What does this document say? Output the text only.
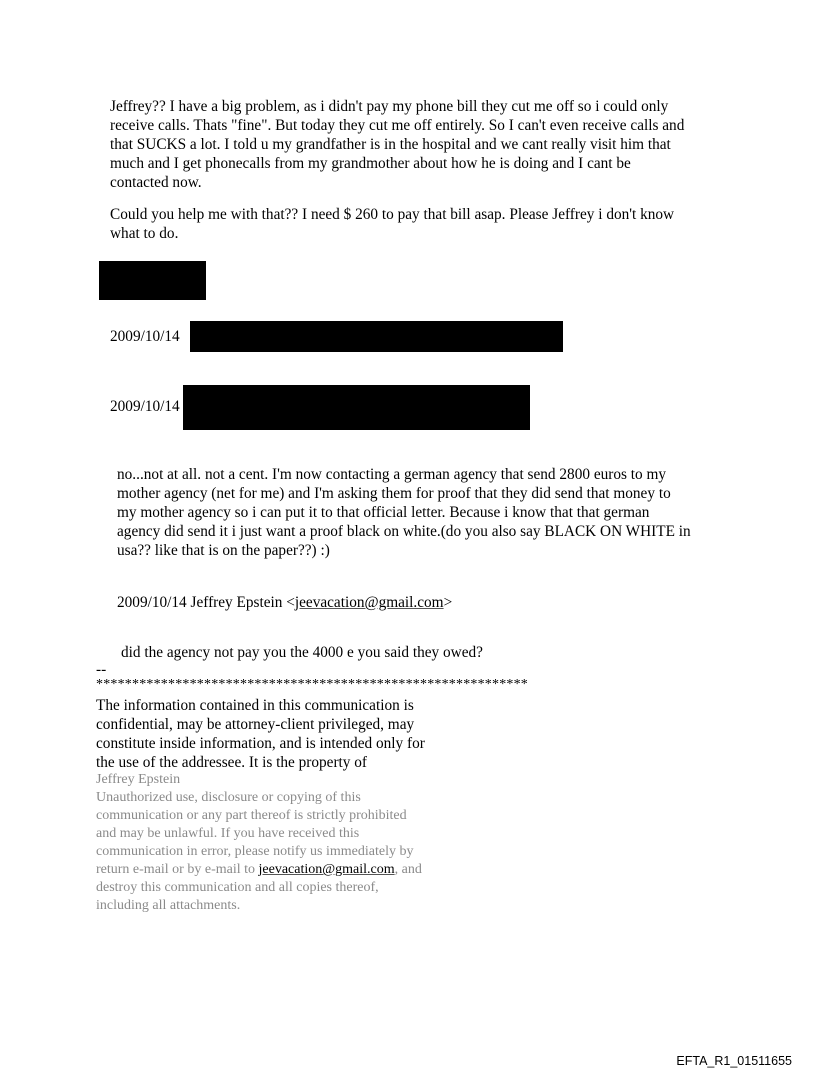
Jeffrey?? I have a big problem, as i didn't pay my phone bill they cut me off so i could only
receive calls. Thats "fine". But today they cut me off entirely. So I can't even receive calls and
that SUCKS a lot. I told u my grandfather is in the hospital and we cant really visit him that
much and I get phonecalls from my grandmother about how he is doing and I cant be
contacted now.
Could you help me with that?? I need $ 260 to pay that bill asap. Please Jeffrey i don't know
what to do.
2009/10/14
2009/10/14
no...not at all. not a cent. I'm now contacting a german agency that send 2800 euros to my
mother agency (net for me) and I'm asking them for proof that they did send that money to
my mother agency so i can put it to that official letter. Because i know that that german
agency did send it i just want a proof black on white.(do you also say BLACK ON WHITE in
usa?? like that is on the paper??) :)

2009/10/14 Jeffrey Epstein <jeevacation@gmail.com>

did the agency not pay you the 4000 e you said they owed?
--
************************************************************
The information contained in this communication is
confidential, may be attorney-client privileged, may
constitute inside information, and is intended only for
the use of the addressee. It is the property of
Jeffrey Epstein
Unauthorized use, disclosure or copying of this
communication or any part thereof is strictly prohibited
and may be unlawful. If you have received this
communication in error, please notify us immediately by
return e-mail or by e-mail to jeevacation@gmail.com, and
destroy this communication and all copies thereof,
including all attachments.
EFTA_R1_01511655
